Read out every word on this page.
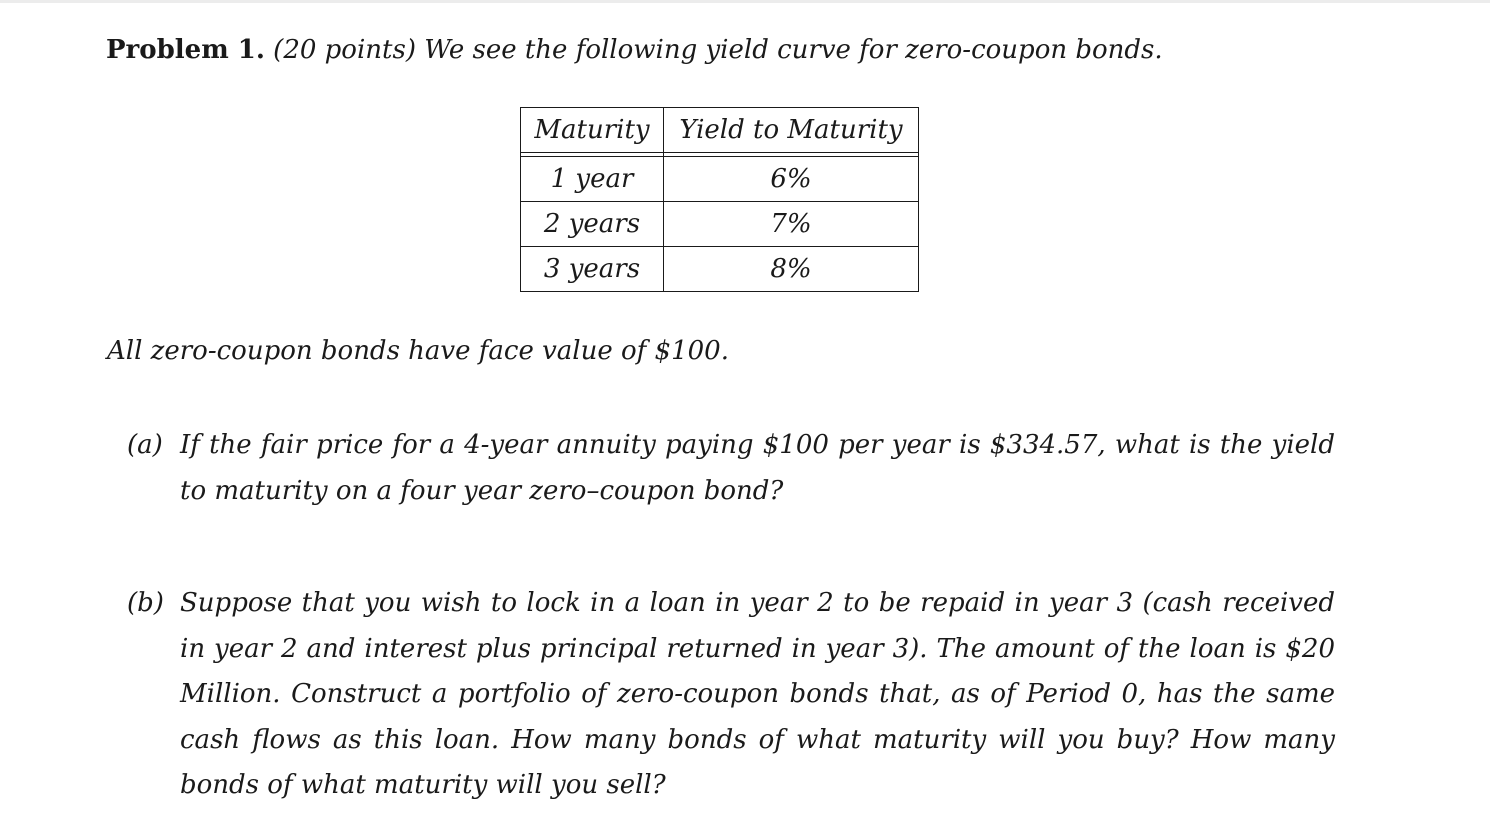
Problem 1. (20 points) We see the following yield curve for zero-coupon bonds.
Maturity	Yield to Maturity

1 year	6%
2 years	7%
3 years	8%
All zero-coupon bonds have face value of $100.
(a) If the fair price for a 4-year annuity paying $100 per year is $334.57, what is the yield to maturity on a four year zero–coupon bond?
(b) Suppose that you wish to lock in a loan in year 2 to be repaid in year 3 (cash received in year 2 and interest plus principal returned in year 3). The amount of the loan is $20 Million. Construct a portfolio of zero-coupon bonds that, as of Period 0, has the same cash flows as this loan. How many bonds of what maturity will you buy? How many bonds of what maturity will you sell?
